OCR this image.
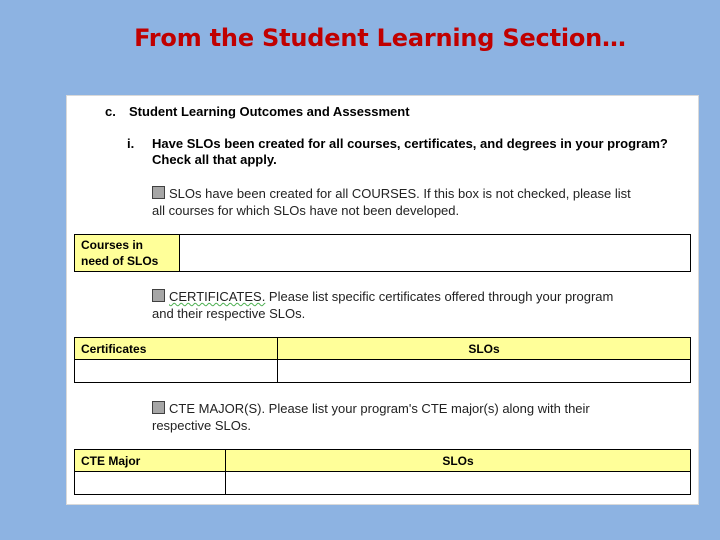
From the Student Learning Section…
c. Student Learning Outcomes and Assessment
i. Have SLOs been created for all courses, certificates, and degrees in your program? Check all that apply.
SLOs have been created for all COURSES. If this box is not checked, please list
all courses for which SLOs have not been developed.
Courses in
need of SLOs	
CERTIFICATES. Please list specific certificates offered through your program
and their respective SLOs.
Certificates	SLOs

CTE MAJOR(S). Please list your program's CTE major(s) along with their
respective SLOs.
CTE Major	SLOs
